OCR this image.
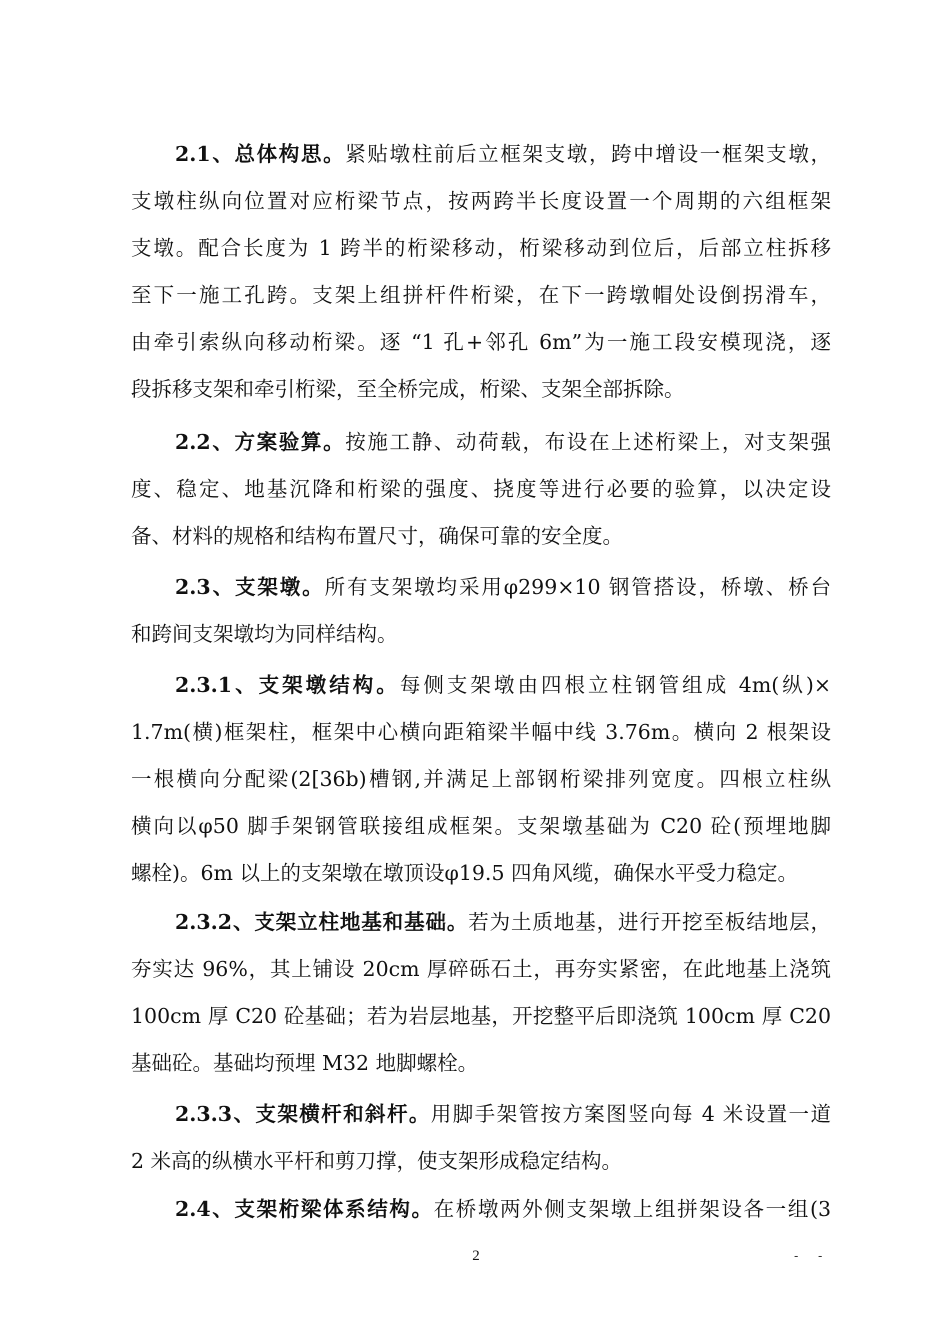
2.1、总体构思。紧贴墩柱前后立框架支墩，跨中增设一框架支墩，
支墩柱纵向位置对应桁梁节点，按两跨半长度设置一个周期的六组框架
支墩。配合长度为 1 跨半的桁梁移动，桁梁移动到位后，后部立柱拆移
至下一施工孔跨。支架上组拼杆件桁梁，在下一跨墩帽处设倒拐滑车，
由牵引索纵向移动桁梁。逐 “1 孔+邻孔 6m”为一施工段安模现浇，逐
段拆移支架和牵引桁梁，至全桥完成，桁梁、支架全部拆除。
2.2、方案验算。按施工静、动荷载，布设在上述桁梁上，对支架强
度、稳定、地基沉降和桁梁的强度、挠度等进行必要的验算，以决定设
备、材料的规格和结构布置尺寸，确保可靠的安全度。
2.3、支架墩。所有支架墩均采用φ299×10 钢管搭设，桥墩、桥台
和跨间支架墩均为同样结构。
2.3.1、支架墩结构。每侧支架墩由四根立柱钢管组成 4m(纵)×
1.7m(横)框架柱，框架中心横向距箱梁半幅中线 3.76m。横向 2 根架设
一根横向分配梁(2[36b)槽钢,并满足上部钢桁梁排列宽度。四根立柱纵
横向以φ50 脚手架钢管联接组成框架。支架墩基础为 C20 砼(预埋地脚
螺栓)。6m 以上的支架墩在墩顶设φ19.5 四角风缆，确保水平受力稳定。
2.3.2、支架立柱地基和基础。若为土质地基，进行开挖至板结地层，
夯实达 96%，其上铺设 20cm 厚碎砾石土，再夯实紧密，在此地基上浇筑
100cm 厚 C20 砼基础；若为岩层地基，开挖整平后即浇筑 100cm 厚 C20
基础砼。基础均预埋 M32 地脚螺栓。
2.3.3、支架横杆和斜杆。用脚手架管按方案图竖向每 4 米设置一道
2 米高的纵横水平杆和剪刀撑，使支架形成稳定结构。
2.4、支架桁梁体系结构。在桥墩两外侧支架墩上组拼架设各一组(3
2	- -
